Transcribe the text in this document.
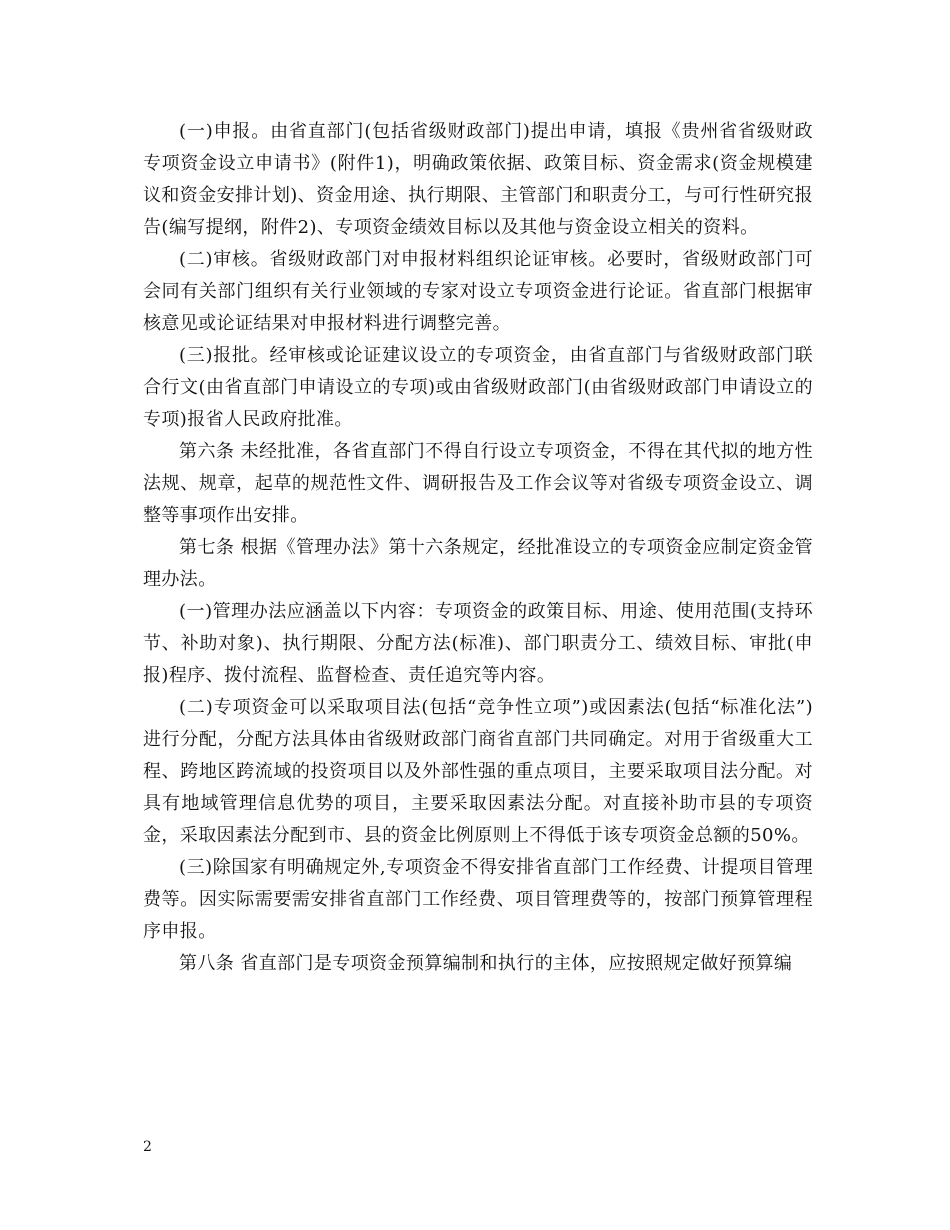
(一)申报。由省直部门(包括省级财政部门)提出申请，填报《贵州省省级财政专项资金设立申请书》(附件1)，明确政策依据、政策目标、资金需求(资金规模建议和资金安排计划)、资金用途、执行期限、主管部门和职责分工，与可行性研究报告(编写提纲，附件2)、专项资金绩效目标以及其他与资金设立相关的资料。

(二)审核。省级财政部门对申报材料组织论证审核。必要时，省级财政部门可会同有关部门组织有关行业领域的专家对设立专项资金进行论证。省直部门根据审核意见或论证结果对申报材料进行调整完善。

(三)报批。经审核或论证建议设立的专项资金，由省直部门与省级财政部门联合行文(由省直部门申请设立的专项)或由省级财政部门(由省级财政部门申请设立的专项)报省人民政府批准。

第六条 未经批准，各省直部门不得自行设立专项资金，不得在其代拟的地方性法规、规章，起草的规范性文件、调研报告及工作会议等对省级专项资金设立、调整等事项作出安排。

第七条 根据《管理办法》第十六条规定，经批准设立的专项资金应制定资金管理办法。

(一)管理办法应涵盖以下内容：专项资金的政策目标、用途、使用范围(支持环节、补助对象)、执行期限、分配方法(标准)、部门职责分工、绩效目标、审批(申报)程序、拨付流程、监督检查、责任追究等内容。

(二)专项资金可以采取项目法(包括“竞争性立项”)或因素法(包括“标准化法”)进行分配，分配方法具体由省级财政部门商省直部门共同确定。对用于省级重大工程、跨地区跨流域的投资项目以及外部性强的重点项目，主要采取项目法分配。对具有地域管理信息优势的项目，主要采取因素法分配。对直接补助市县的专项资金，采取因素法分配到市、县的资金比例原则上不得低于该专项资金总额的50%。

(三)除国家有明确规定外,专项资金不得安排省直部门工作经费、计提项目管理费等。因实际需要需安排省直部门工作经费、项目管理费等的，按部门预算管理程序申报。

第八条 省直部门是专项资金预算编制和执行的主体，应按照规定做好预算编

2
